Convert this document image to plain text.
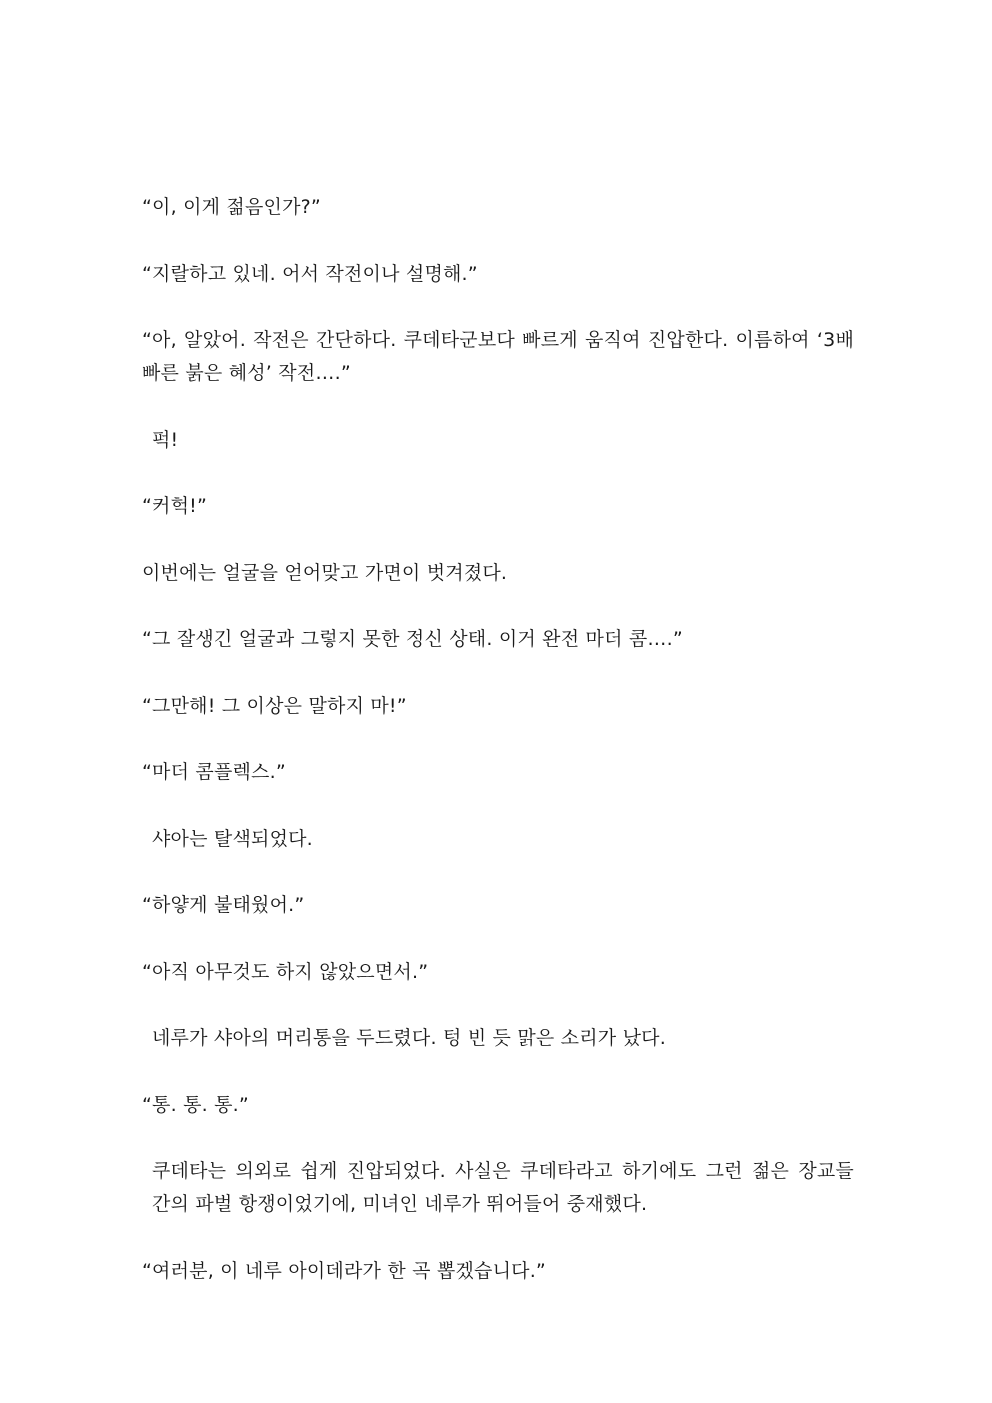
“이, 이게 젊음인가?”

“지랄하고 있네. 어서 작전이나 설명해.”

“아, 알았어. 작전은 간단하다. 쿠데타군보다 빠르게 움직여 진압한다. 이름하여 ‘3배 빠른 붉은 혜성’ 작전….”

퍽!

“커헉!”

이번에는 얼굴을 얻어맞고 가면이 벗겨졌다.

“그 잘생긴 얼굴과 그렇지 못한 정신 상태. 이거 완전 마더 콤….”

“그만해! 그 이상은 말하지 마!”

“마더 콤플렉스.”

샤아는 탈색되었다.

“하얗게 불태웠어.”

“아직 아무것도 하지 않았으면서.”

네루가 샤아의 머리통을 두드렸다. 텅 빈 듯 맑은 소리가 났다.

“통. 통. 통.”

쿠데타는 의외로 쉽게 진압되었다. 사실은 쿠데타라고 하기에도 그런 젊은 장교들 간의 파벌 항쟁이었기에, 미녀인 네루가 뛰어들어 중재했다.

“여러분, 이 네루 아이데라가 한 곡 뽑겠습니다.”
